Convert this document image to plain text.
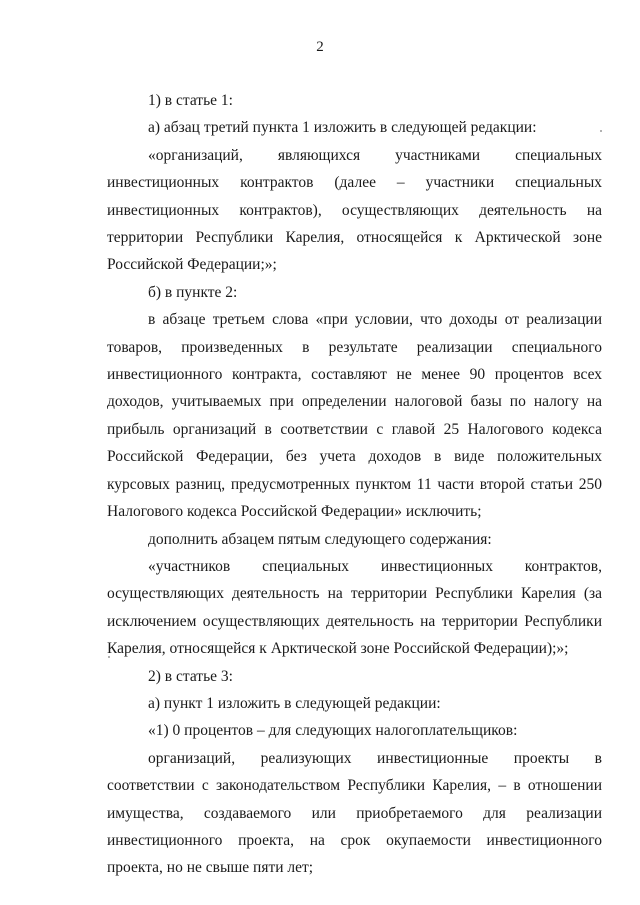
2

1) в статье 1:

а) абзац третий пункта 1 изложить в следующей редакции:

«организаций, являющихся участниками специальных инвестиционных контрактов (далее – участники специальных инвестиционных контрактов), осуществляющих деятельность на территории Республики Карелия, относящейся к Арктической зоне Российской Федерации;»;

б) в пункте 2:

в абзаце третьем слова «при условии, что доходы от реализации товаров, произведенных в результате реализации специального инвестиционного контракта, составляют не менее 90 процентов всех доходов, учитываемых при определении налоговой базы по налогу на прибыль организаций в соответствии с главой 25 Налогового кодекса Российской Федерации, без учета доходов в виде положительных курсовых разниц, предусмотренных пунктом 11 части второй статьи 250 Налогового кодекса Российской Федерации» исключить;

дополнить абзацем пятым следующего содержания:

«участников специальных инвестиционных контрактов, осуществляющих деятельность на территории Республики Карелия (за исключением осуществляющих деятельность на территории Республики Карелия, относящейся к Арктической зоне Российской Федерации);»;

2) в статье 3:

а) пункт 1 изложить в следующей редакции:

«1) 0 процентов – для следующих налогоплательщиков:

организаций, реализующих инвестиционные проекты в соответствии с законодательством Республики Карелия, – в отношении имущества, создаваемого или приобретаемого для реализации инвестиционного проекта, на срок окупаемости инвестиционного проекта, но не свыше пяти лет;
